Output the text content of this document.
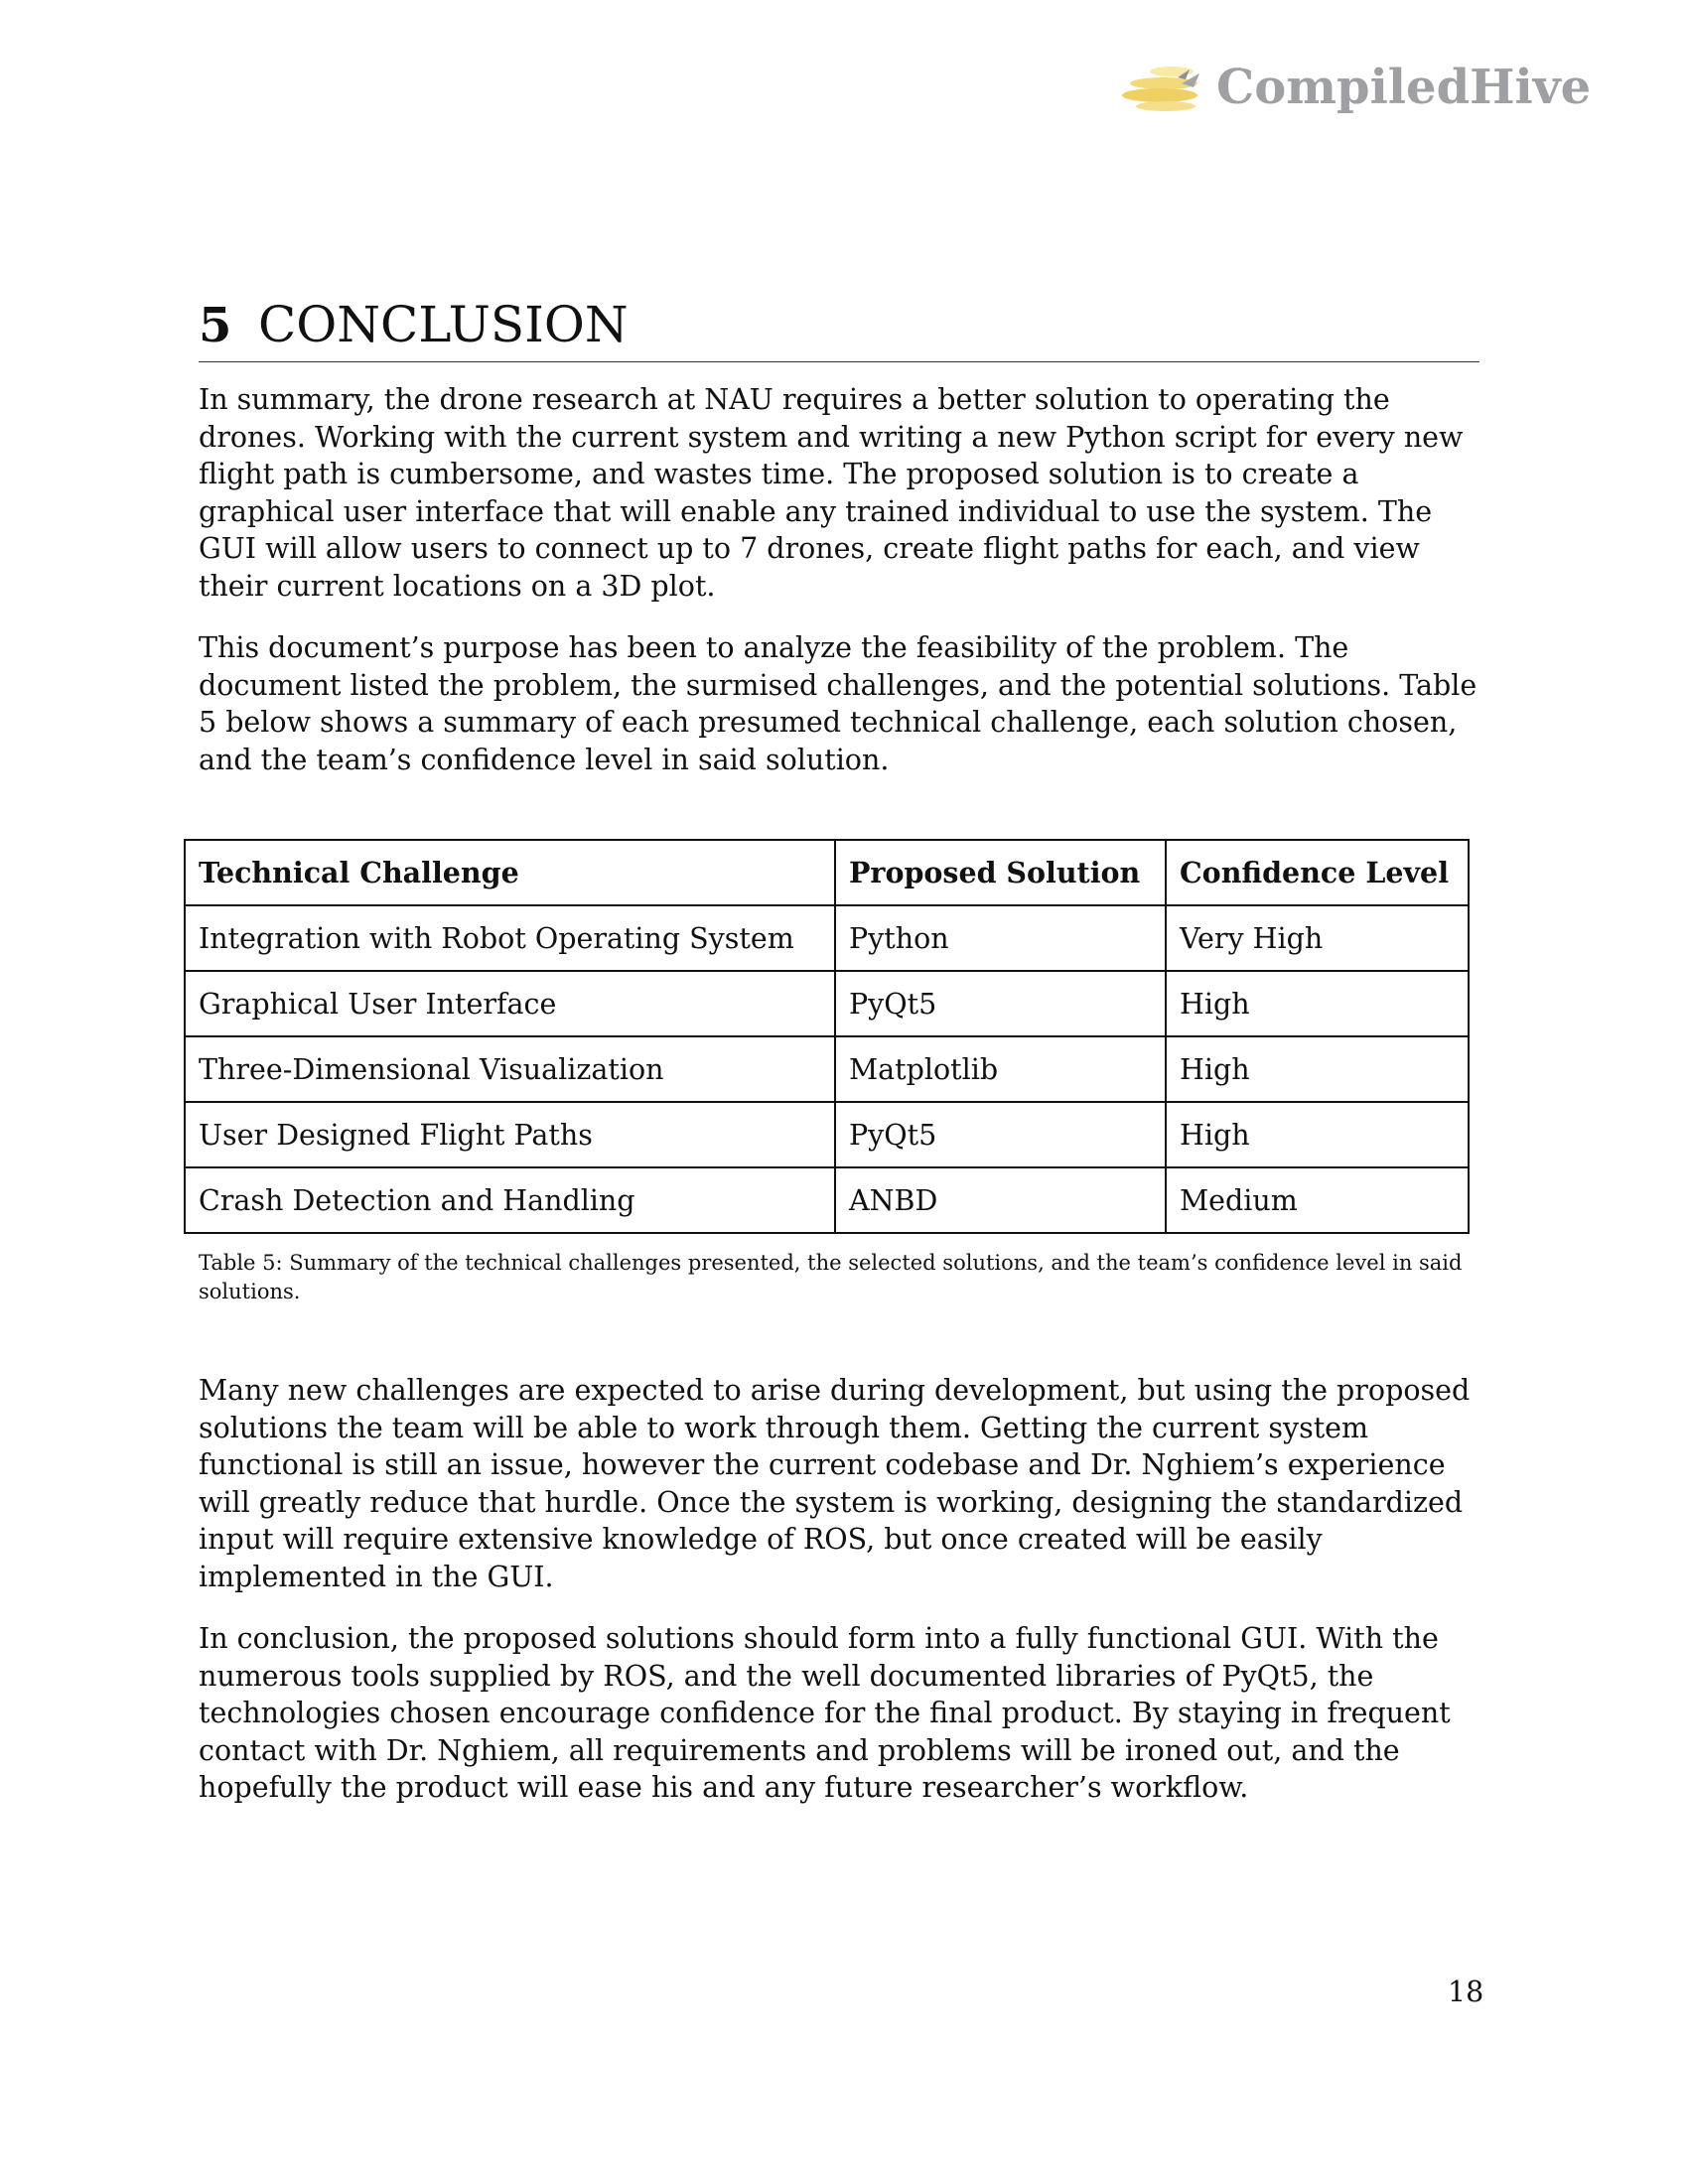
CompiledHive
5 CONCLUSION

In summary, the drone research at NAU requires a better solution to operating the drones. Working with the current system and writing a new Python script for every new flight path is cumbersome, and wastes time. The proposed solution is to create a graphical user interface that will enable any trained individual to use the system. The GUI will allow users to connect up to 7 drones, create flight paths for each, and view their current locations on a 3D plot.

This document’s purpose has been to analyze the feasibility of the problem. The document listed the problem, the surmised challenges, and the potential solutions. Table 5 below shows a summary of each presumed technical challenge, each solution chosen, and the team’s confidence level in said solution.

Technical Challenge	Proposed Solution	Confidence Level
Integration with Robot Operating System	Python	Very High
Graphical User Interface	PyQt5	High
Three-Dimensional Visualization	Matplotlib	High
User Designed Flight Paths	PyQt5	High
Crash Detection and Handling	ANBD	Medium

Table 5: Summary of the technical challenges presented, the selected solutions, and the team’s confidence level in said solutions.

Many new challenges are expected to arise during development, but using the proposed solutions the team will be able to work through them. Getting the current system functional is still an issue, however the current codebase and Dr. Nghiem’s experience will greatly reduce that hurdle. Once the system is working, designing the standardized input will require extensive knowledge of ROS, but once created will be easily implemented in the GUI.

In conclusion, the proposed solutions should form into a fully functional GUI. With the numerous tools supplied by ROS, and the well documented libraries of PyQt5, the technologies chosen encourage confidence for the final product. By staying in frequent contact with Dr. Nghiem, all requirements and problems will be ironed out, and the hopefully the product will ease his and any future researcher’s workflow.

18
